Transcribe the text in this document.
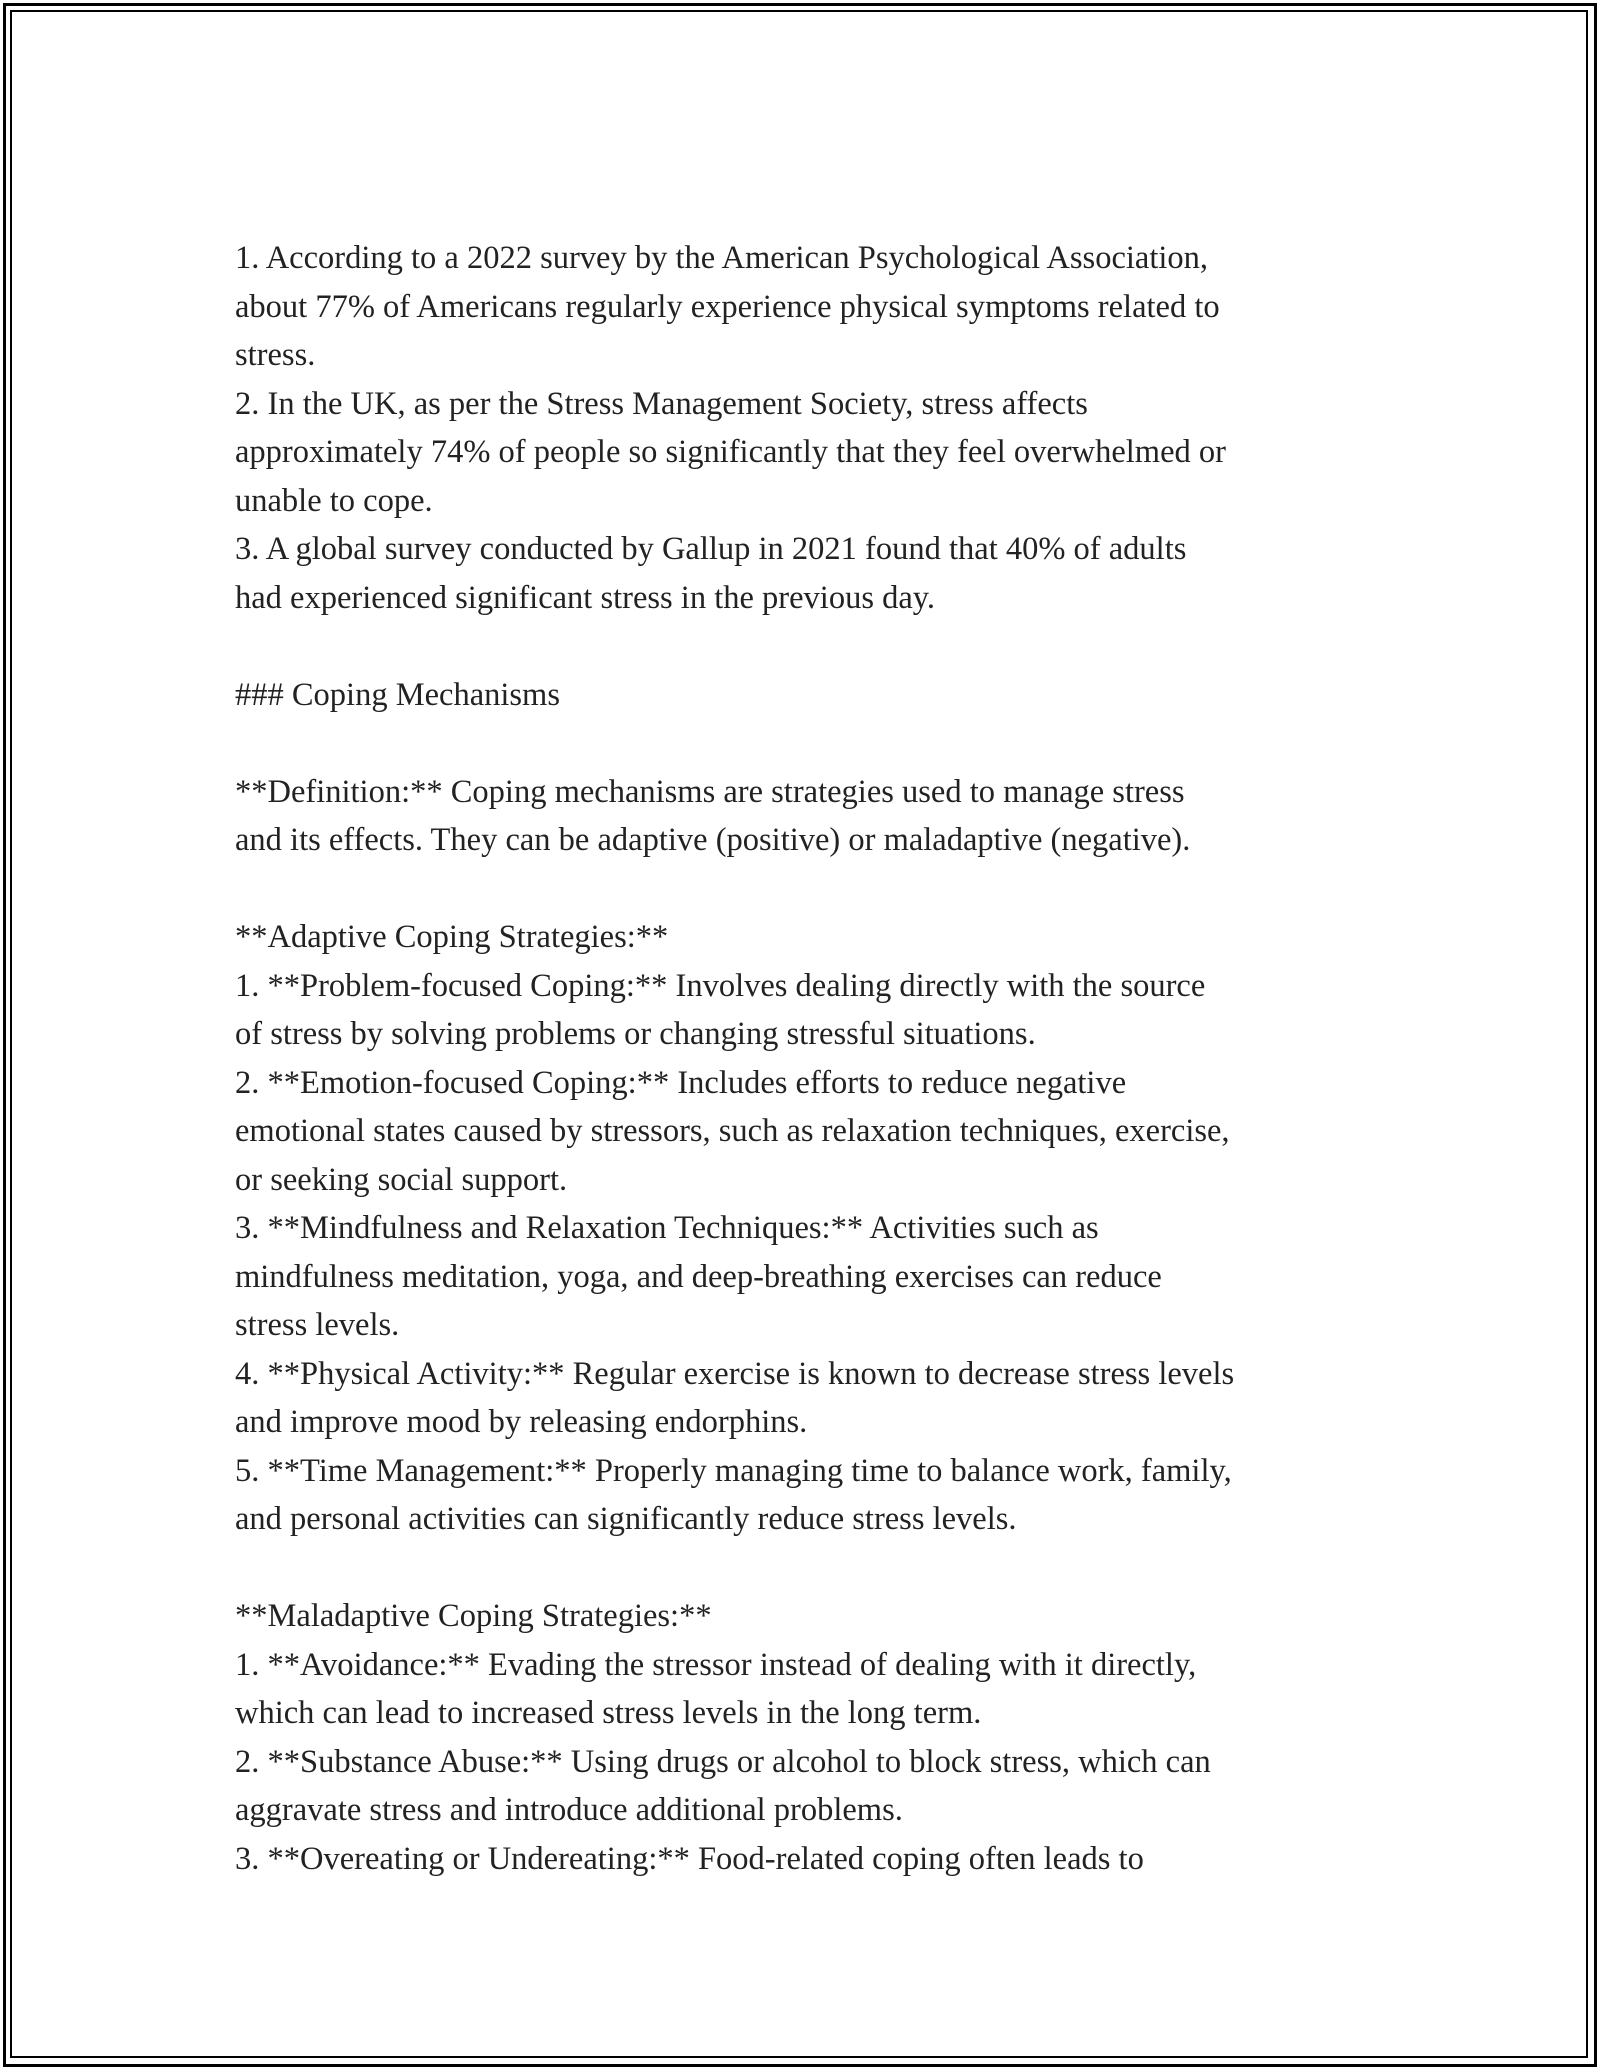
1. According to a 2022 survey by the American Psychological Association,
about 77% of Americans regularly experience physical symptoms related to
stress.
2. In the UK, as per the Stress Management Society, stress affects
approximately 74% of people so significantly that they feel overwhelmed or
unable to cope.
3. A global survey conducted by Gallup in 2021 found that 40% of adults
had experienced significant stress in the previous day.
### Coping Mechanisms
**Definition:** Coping mechanisms are strategies used to manage stress
and its effects. They can be adaptive (positive) or maladaptive (negative).
**Adaptive Coping Strategies:**
1. **Problem-focused Coping:** Involves dealing directly with the source
of stress by solving problems or changing stressful situations.
2. **Emotion-focused Coping:** Includes efforts to reduce negative
emotional states caused by stressors, such as relaxation techniques, exercise,
or seeking social support.
3. **Mindfulness and Relaxation Techniques:** Activities such as
mindfulness meditation, yoga, and deep-breathing exercises can reduce
stress levels.
4. **Physical Activity:** Regular exercise is known to decrease stress levels
and improve mood by releasing endorphins.
5. **Time Management:** Properly managing time to balance work, family,
and personal activities can significantly reduce stress levels.
**Maladaptive Coping Strategies:**
1. **Avoidance:** Evading the stressor instead of dealing with it directly,
which can lead to increased stress levels in the long term.
2. **Substance Abuse:** Using drugs or alcohol to block stress, which can
aggravate stress and introduce additional problems.
3. **Overeating or Undereating:** Food-related coping often leads to
